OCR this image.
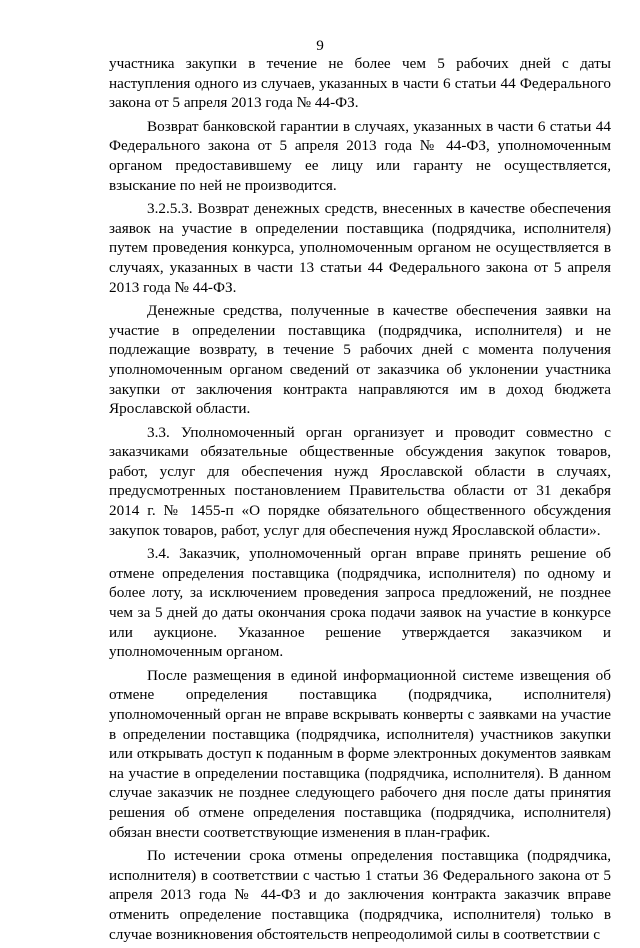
9

участника закупки в течение не более чем 5 рабочих дней с даты наступления одного из случаев, указанных в части 6 статьи 44 Федерального закона от 5 апреля 2013 года № 44-ФЗ.

Возврат банковской гарантии в случаях, указанных в части 6 статьи 44 Федерального закона от 5 апреля 2013 года № 44-ФЗ, уполномоченным органом предоставившему ее лицу или гаранту не осуществляется, взыскание по ней не производится.

3.2.5.3. Возврат денежных средств, внесенных в качестве обеспечения заявок на участие в определении поставщика (подрядчика, исполнителя) путем проведения конкурса, уполномоченным органом не осуществляется в случаях, указанных в части 13 статьи 44 Федерального закона от 5 апреля 2013 года № 44-ФЗ.

Денежные средства, полученные в качестве обеспечения заявки на участие в определении поставщика (подрядчика, исполнителя) и не подлежащие возврату, в течение 5 рабочих дней с момента получения уполномоченным органом сведений от заказчика об уклонении участника закупки от заключения контракта направляются им в доход бюджета Ярославской области.

3.3. Уполномоченный орган организует и проводит совместно с заказчиками обязательные общественные обсуждения закупок товаров, работ, услуг для обеспечения нужд Ярославской области в случаях, предусмотренных постановлением Правительства области от 31 декабря 2014 г. № 1455-п «О порядке обязательного общественного обсуждения закупок товаров, работ, услуг для обеспечения нужд Ярославской области».

3.4. Заказчик, уполномоченный орган вправе принять решение об отмене определения поставщика (подрядчика, исполнителя) по одному и более лоту, за исключением проведения запроса предложений, не позднее чем за 5 дней до даты окончания срока подачи заявок на участие в конкурсе или аукционе. Указанное решение утверждается заказчиком и уполномоченным органом.

После размещения в единой информационной системе извещения об отмене определения поставщика (подрядчика, исполнителя) уполномоченный орган не вправе вскрывать конверты с заявками на участие в определении поставщика (подрядчика, исполнителя) участников закупки или открывать доступ к поданным в форме электронных документов заявкам на участие в определении поставщика (подрядчика, исполнителя). В данном случае заказчик не позднее следующего рабочего дня после даты принятия решения об отмене определения поставщика (подрядчика, исполнителя) обязан внести соответствующие изменения в план-график.

По истечении срока отмены определения поставщика (подрядчика, исполнителя) в соответствии с частью 1 статьи 36 Федерального закона от 5 апреля 2013 года № 44-ФЗ и до заключения контракта заказчик вправе отменить определение поставщика (подрядчика, исполнителя) только в случае возникновения обстоятельств непреодолимой силы в соответствии с
